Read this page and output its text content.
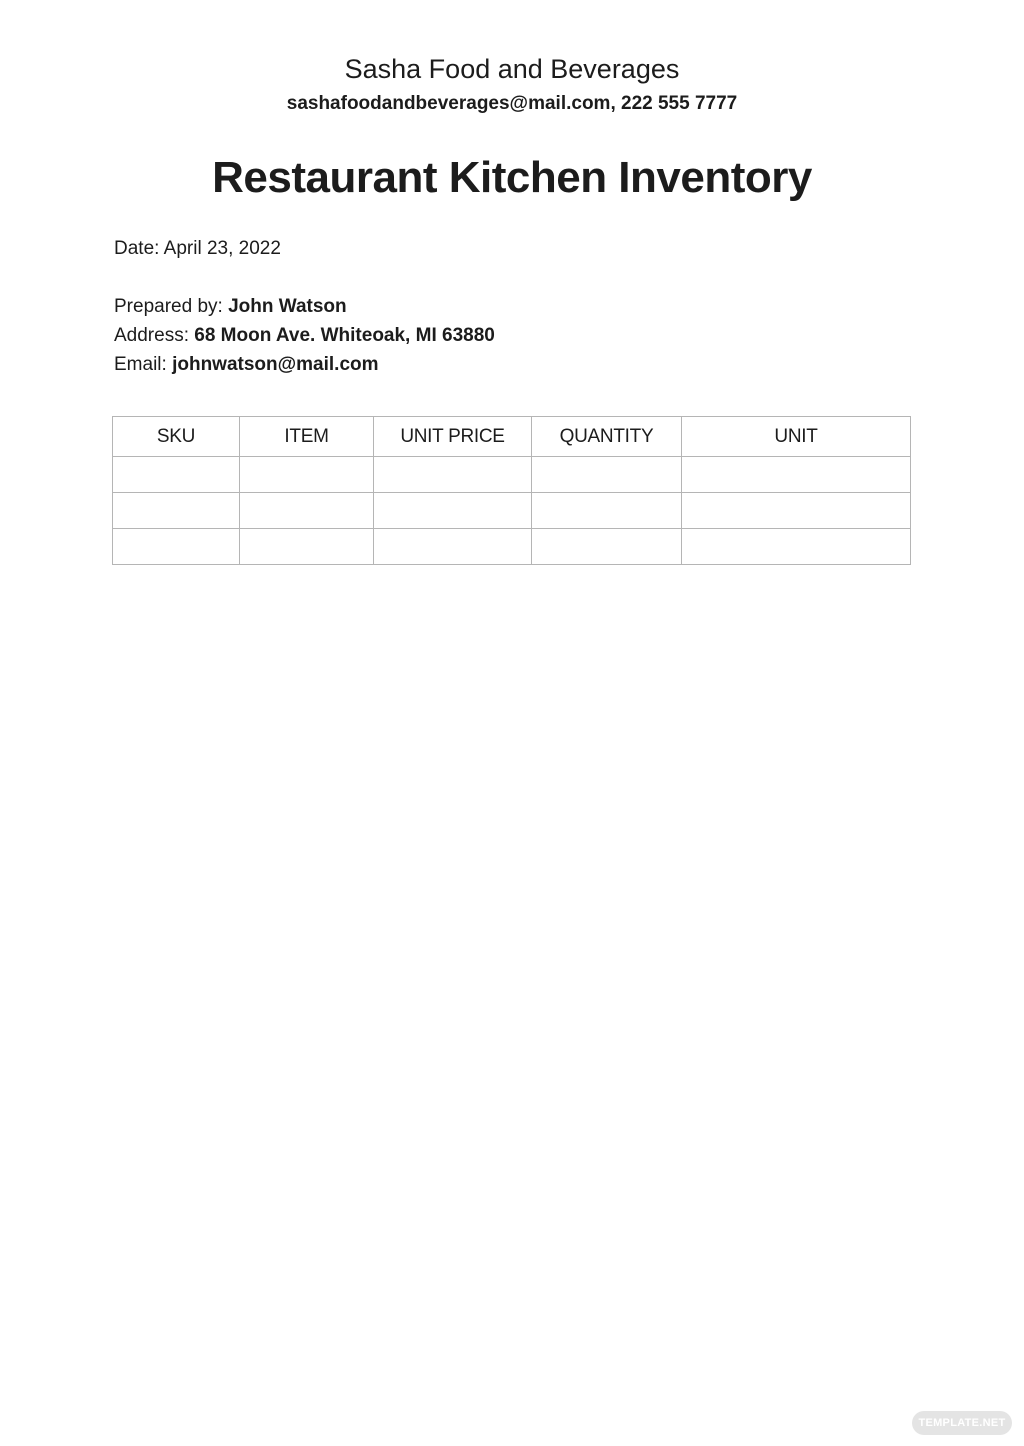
Sasha Food and Beverages
sashafoodandbeverages@mail.com, 222 555 7777
Restaurant Kitchen Inventory
Date: April 23, 2022
Prepared by: John Watson
Address: 68 Moon Ave. Whiteoak, MI 63880
Email: johnwatson@mail.com
SKU	ITEM	UNIT PRICE	QUANTITY	UNIT

TEMPLATE.NET
